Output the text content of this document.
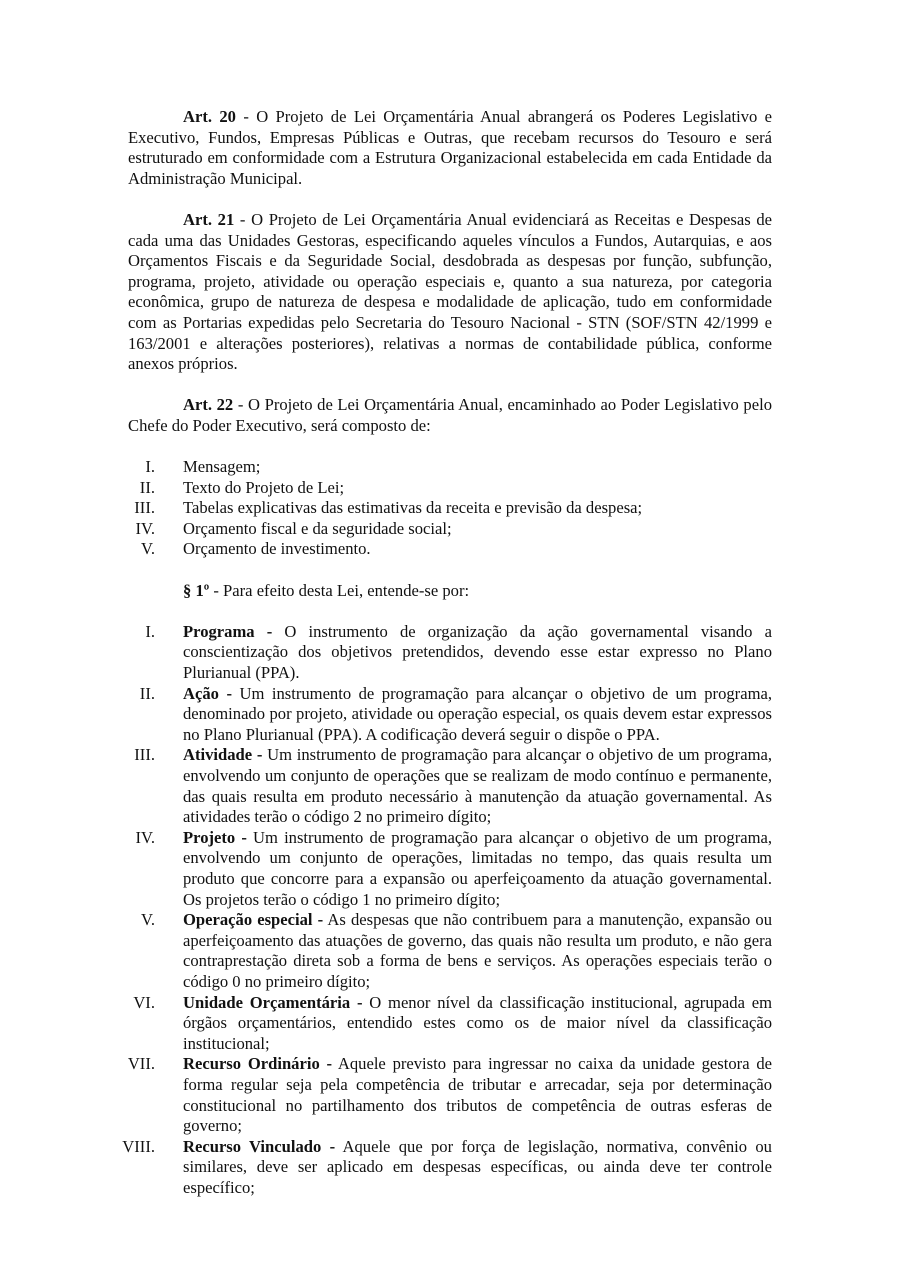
Art. 20 - O Projeto de Lei Orçamentária Anual abrangerá os Poderes Legislativo e Executivo, Fundos, Empresas Públicas e Outras, que recebam recursos do Tesouro e será estruturado em conformidade com a Estrutura Organizacional estabelecida em cada Entidade da Administração Municipal.

Art. 21 - O Projeto de Lei Orçamentária Anual evidenciará as Receitas e Despesas de cada uma das Unidades Gestoras, especificando aqueles vínculos a Fundos, Autarquias, e aos Orçamentos Fiscais e da Seguridade Social, desdobrada as despesas por função, subfunção, programa, projeto, atividade ou operação especiais e, quanto a sua natureza, por categoria econômica, grupo de natureza de despesa e modalidade de aplicação, tudo em conformidade com as Portarias expedidas pelo Secretaria do Tesouro Nacional - STN (SOF/STN 42/1999 e 163/2001 e alterações posteriores), relativas a normas de contabilidade pública, conforme anexos próprios.

Art. 22 - O Projeto de Lei Orçamentária Anual, encaminhado ao Poder Legislativo pelo Chefe do Poder Executivo, será composto de:

I. Mensagem;
II. Texto do Projeto de Lei;
III. Tabelas explicativas das estimativas da receita e previsão da despesa;
IV. Orçamento fiscal e da seguridade social;
V. Orçamento de investimento.

§ 1º - Para efeito desta Lei, entende-se por:

I. Programa - O instrumento de organização da ação governamental visando a conscientização dos objetivos pretendidos, devendo esse estar expresso no Plano Plurianual (PPA).
II. Ação - Um instrumento de programação para alcançar o objetivo de um programa, denominado por projeto, atividade ou operação especial, os quais devem estar expressos no Plano Plurianual (PPA). A codificação deverá seguir o dispõe o PPA.
III. Atividade - Um instrumento de programação para alcançar o objetivo de um programa, envolvendo um conjunto de operações que se realizam de modo contínuo e permanente, das quais resulta em produto necessário à manutenção da atuação governamental. As atividades terão o código 2 no primeiro dígito;
IV. Projeto - Um instrumento de programação para alcançar o objetivo de um programa, envolvendo um conjunto de operações, limitadas no tempo, das quais resulta um produto que concorre para a expansão ou aperfeiçoamento da atuação governamental. Os projetos terão o código 1 no primeiro dígito;
V. Operação especial - As despesas que não contribuem para a manutenção, expansão ou aperfeiçoamento das atuações de governo, das quais não resulta um produto, e não gera contraprestação direta sob a forma de bens e serviços. As operações especiais terão o código 0 no primeiro dígito;
VI. Unidade Orçamentária - O menor nível da classificação institucional, agrupada em órgãos orçamentários, entendido estes como os de maior nível da classificação institucional;
VII. Recurso Ordinário - Aquele previsto para ingressar no caixa da unidade gestora de forma regular seja pela competência de tributar e arrecadar, seja por determinação constitucional no partilhamento dos tributos de competência de outras esferas de governo;
VIII. Recurso Vinculado - Aquele que por força de legislação, normativa, convênio ou similares, deve ser aplicado em despesas específicas, ou ainda deve ter controle específico;
